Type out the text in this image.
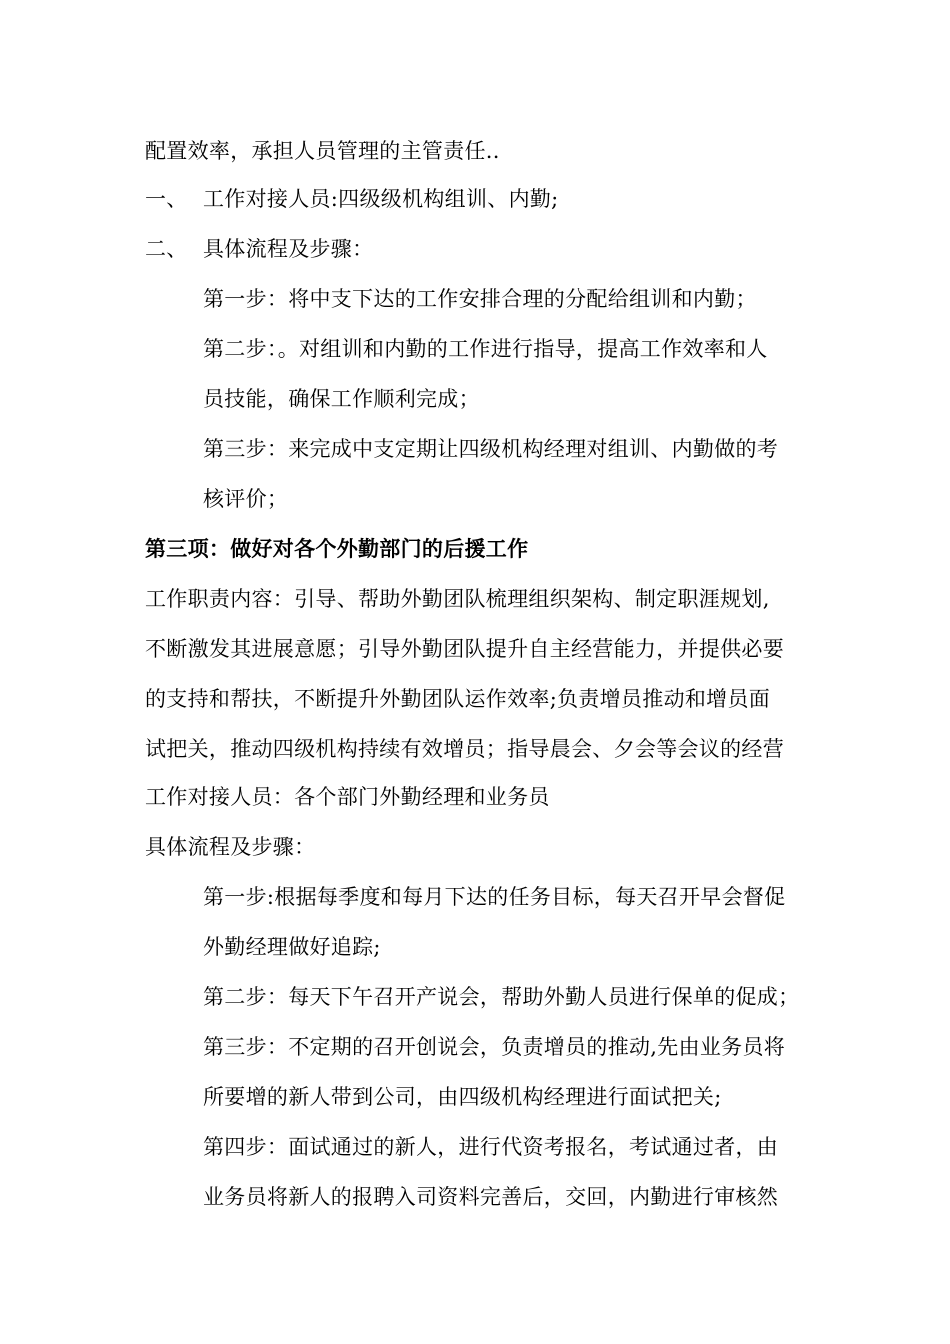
配置效率，承担人员管理的主管责任..
一、 工作对接人员:四级级机构组训、内勤;
二、 具体流程及步骤：
第一步：将中支下达的工作安排合理的分配给组训和内勤；
第二步：。对组训和内勤的工作进行指导，提高工作效率和人
员技能，确保工作顺利完成；
第三步：来完成中支定期让四级机构经理对组训、内勤做的考
核评价；
第三项：做好对各个外勤部门的后援工作
工作职责内容：引导、帮助外勤团队梳理组织架构、制定职涯规划,
不断激发其进展意愿；引导外勤团队提升自主经营能力，并提供必要
的支持和帮扶，不断提升外勤团队运作效率;负责增员推动和增员面
试把关，推动四级机构持续有效增员；指导晨会、夕会等会议的经营
工作对接人员：各个部门外勤经理和业务员
具体流程及步骤：
第一步:根据每季度和每月下达的任务目标，每天召开早会督促
外勤经理做好追踪;
第二步：每天下午召开产说会，帮助外勤人员进行保单的促成；
第三步：不定期的召开创说会，负责增员的推动,先由业务员将
所要增的新人带到公司，由四级机构经理进行面试把关;
第四步：面试通过的新人，进行代资考报名，考试通过者，由
业务员将新人的报聘入司资料完善后，交回，内勤进行审核然
